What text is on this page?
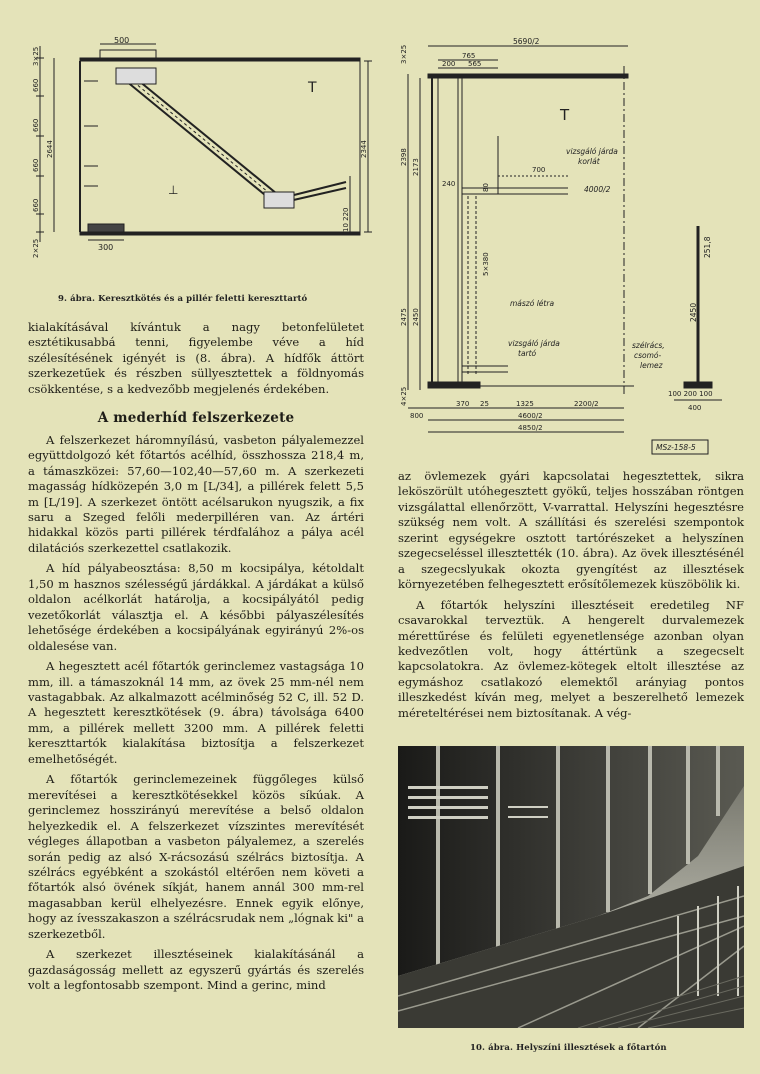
500
300
T
⊥
2344
10 220
3×25
660
660
660
660
2644
2×25
9. ábra. Keresztkötés és a pillér feletti kereszttartó
5690/2
765
200 565
T
vizsgáló járda
korlát
4000/2
700
mászó létra
vizsgáló járda
tartó
szélrács,
csomó-
lemez
251,8
2450
100 200 100
400
3×25
2398
2173
2475 2450
4×25
240	80
5×380
800
370 25	1325	2200/2
4600/2
4850/2
MSz-158-5

kialakításával kívántuk a nagy betonfelületet esztétikusabbá tenni, figyelembe véve a híd szélesítésének igényét is (8. ábra). A hídfők áttört szerkezetűek és részben süllyesztettek a földnyomás csökkentése, s a kedvezőbb megjelenés érdekében.

A mederhíd felszerkezete

A felszerkezet háromnyílású, vasbeton pályalemezzel együttdolgozó két főtartós acélhíd, összhossza 218,4 m, a támaszközei: 57,60—102,40—57,60 m. A szerkezeti magasság hídközepén 3,0 m [L/34], a pillérek felett 5,5 m [L/19]. A szerkezet öntött acélsarukon nyugszik, a fix saru a Szeged felőli mederpilléren van. Az ártéri hidakkal közös parti pillérek térdfalához a pálya acél dilatációs szerkezettel csatlakozik.

A híd pályabeosztása: 8,50 m kocsipálya, kétoldalt 1,50 m hasznos szélességű járdákkal. A járdákat a külső oldalon acélkorlát határolja, a kocsipályától pedig vezetőkorlát választja el. A későbbi pályaszélesítés lehetősége érdekében a kocsipályának egyirányú 2%-os oldalesése van.

A hegesztett acél főtartók gerinclemez vastagsága 10 mm, ill. a támaszoknál 14 mm, az övek 25 mm-nél nem vastagabbak. Az alkalmazott acélminőség 52 C, ill. 52 D. A hegesztett keresztkötések (9. ábra) távolsága 6400 mm, a pillérek mellett 3200 mm. A pillérek feletti kereszttartók kialakítása biztosítja a felszerkezet emelhetőségét.

A főtartók gerinclemezeinek függőleges külső merevítései a keresztkötésekkel közös síkúak. A gerinclemez hosszirányú merevítése a belső oldalon helyezkedik el. A felszerkezet vízszintes merevítését végleges állapotban a vasbeton pályalemez, a szerelés során pedig az alsó X-rácsozású szélrács biztosítja. A szélrács egyébként a szokástól eltérően nem követi a főtartók alsó övének síkját, hanem annál 300 mm-rel magasabban kerül elhelyezésre. Ennek egyik előnye, hogy az ívesszakaszon a szélrácsrudak nem „lógnak ki" a szerkezetből.

A szerkezet illesztéseinek kialakításánál a gazdaságosság mellett az egyszerű gyártás és szerelés volt a legfontosabb szempont. Mind a gerinc, mind

az övlemezek gyári kapcsolatai hegesztettek, sikra leköszörült utóhegesztett gyökű, teljes hosszában röntgen vizsgálattal ellenőrzött, V-varrattal. Helyszíni hegesztésre szükség nem volt. A szállítási és szerelési szempontok szerint egységekre osztott tartórészeket a helyszínen szegecseléssel illesztették (10. ábra). Az övek illesztésénél a szegecslyukak okozta gyengítést az illesztések környezetében felhegesztett erősítőlemezek küszöbölik ki.

A főtartók helyszíni illesztéseit eredetileg NF csavarokkal terveztük. A hengerelt durvalemezek mérettűrése és felületi egyenetlensége azonban olyan kedvezőtlen volt, hogy áttértünk a szegecselt kapcsolatokra. Az övlemez-kötegek eltolt illesztése az egymáshoz csatlakozó elemektől arányiag pontos illeszkedést kíván meg, melyet a beszerelhető lemezek méreteltérései nem biztosítanak. A vég-

10. ábra. Helyszíni illesztések a főtartón
